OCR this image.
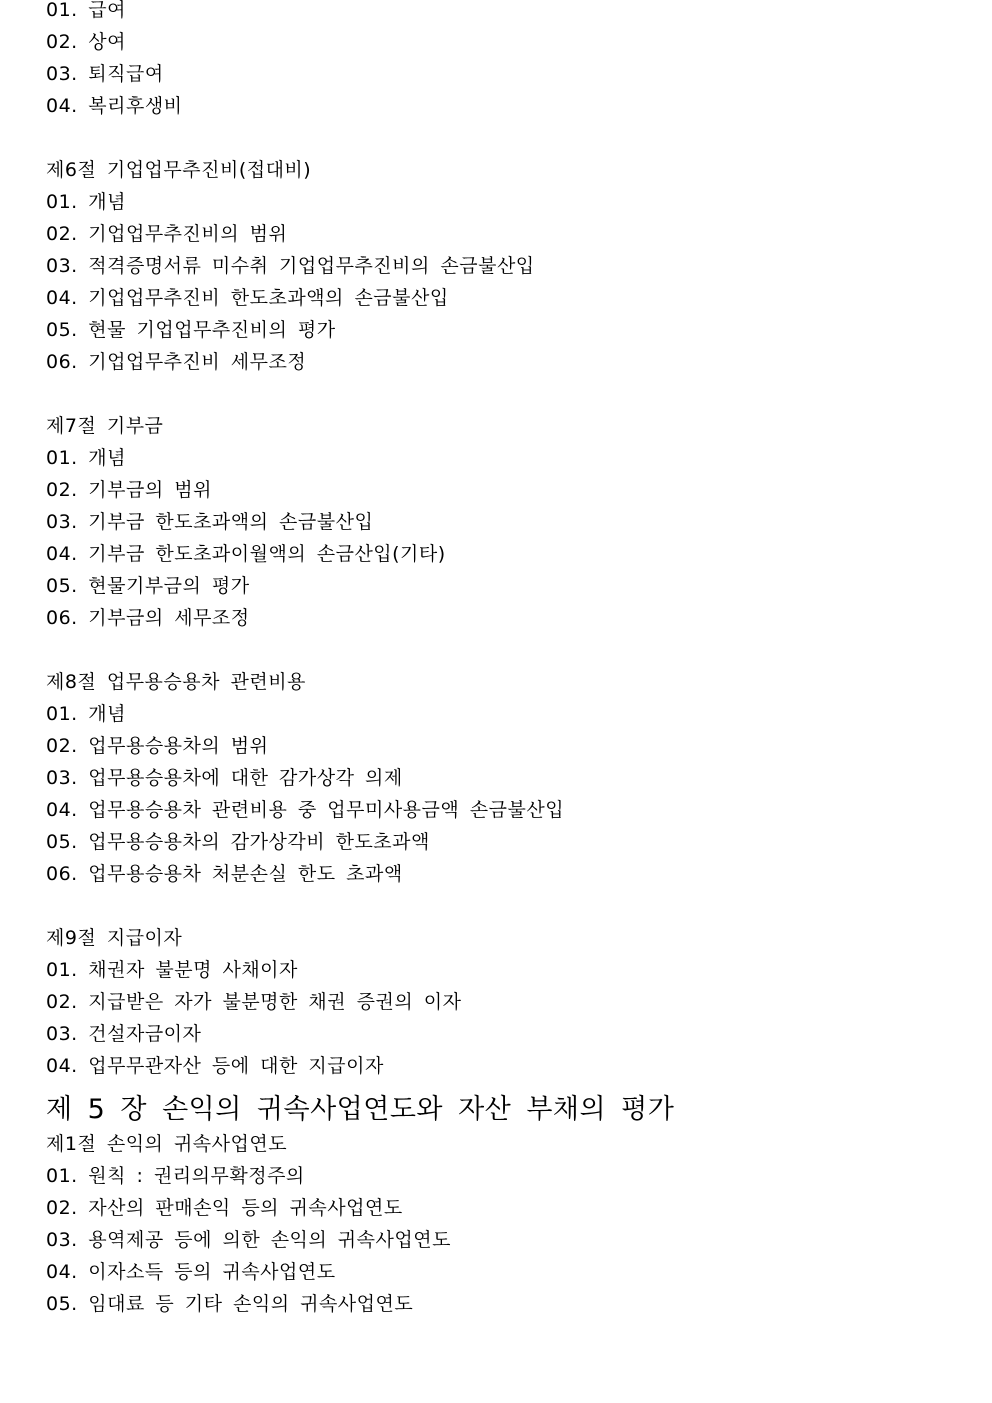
01. 급여
02. 상여
03. 퇴직급여
04. 복리후생비
제6절 기업업무추진비(접대비)
01. 개념
02. 기업업무추진비의 범위
03. 적격증명서류 미수취 기업업무추진비의 손금불산입
04. 기업업무추진비 한도초과액의 손금불산입
05. 현물 기업업무추진비의 평가
06. 기업업무추진비 세무조정
제7절 기부금
01. 개념
02. 기부금의 범위
03. 기부금 한도초과액의 손금불산입
04. 기부금 한도초과이월액의 손금산입(기타)
05. 현물기부금의 평가
06. 기부금의 세무조정
제8절 업무용승용차 관련비용
01. 개념
02. 업무용승용차의 범위
03. 업무용승용차에 대한 감가상각 의제
04. 업무용승용차 관련비용 중 업무미사용금액 손금불산입
05. 업무용승용차의 감가상각비 한도초과액
06. 업무용승용차 처분손실 한도 초과액
제9절 지급이자
01. 채권자 불분명 사채이자
02. 지급받은 자가 불분명한 채권 증권의 이자
03. 건설자금이자
04. 업무무관자산 등에 대한 지급이자
제 5 장 손익의 귀속사업연도와 자산 부채의 평가
제1절 손익의 귀속사업연도
01. 원칙 : 권리의무확정주의
02. 자산의 판매손익 등의 귀속사업연도
03. 용역제공 등에 의한 손익의 귀속사업연도
04. 이자소득 등의 귀속사업연도
05. 임대료 등 기타 손익의 귀속사업연도
